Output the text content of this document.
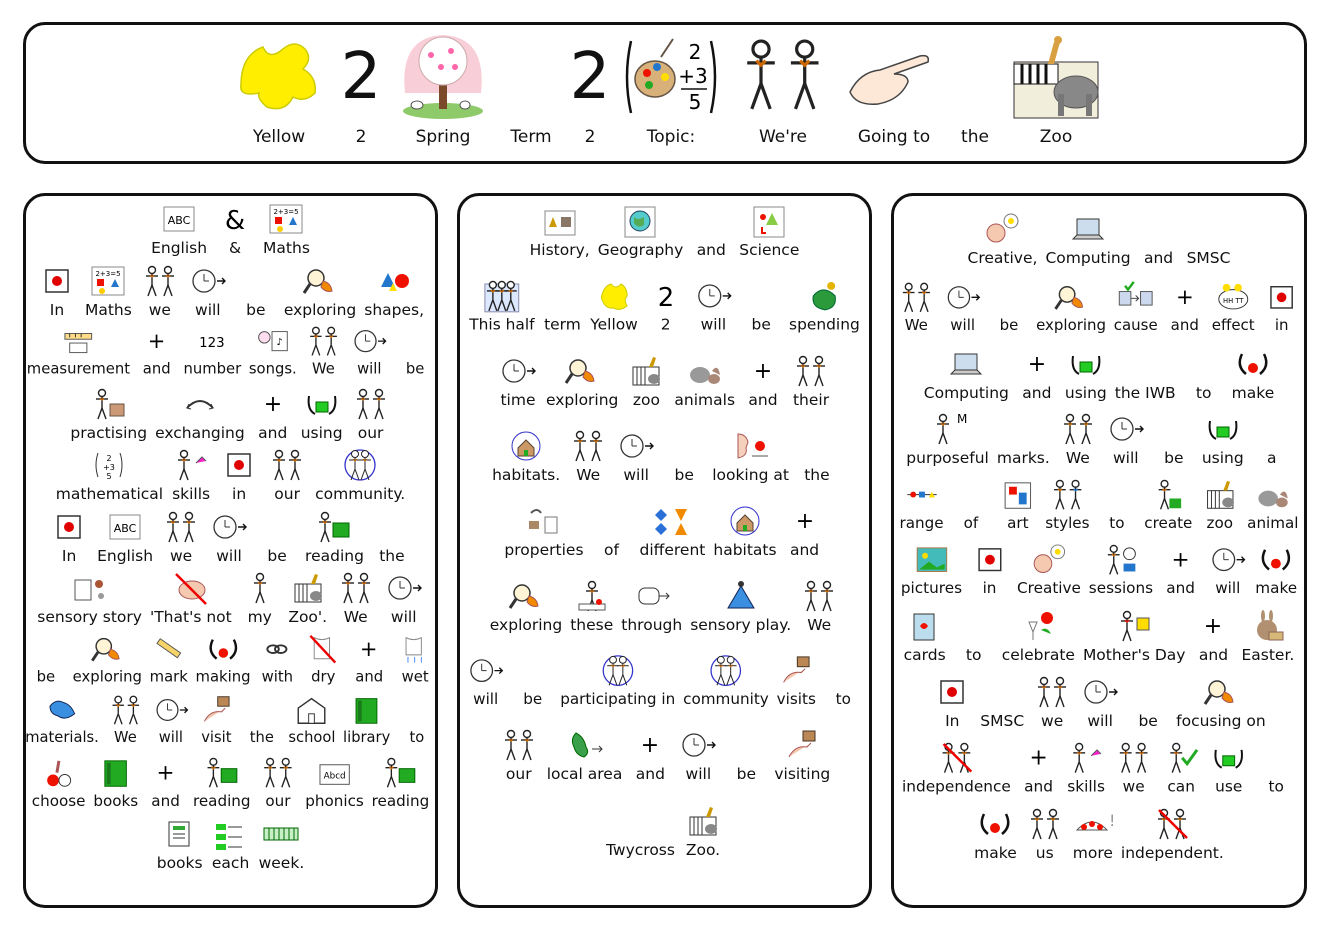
Yellow
2
2	Spring Term
2
2
2
+3
5
Topic:	We're	Going to the	Zoo
ABC
English
&
&
2+3=5
Maths
In
2+3=5
Maths we will be exploring shapes,
measurement
+
and
123
number
♪
songs. We will be
practising exchanging
+
and using our
2
+3
5
mathematical skills in our community.
In
ABC
English we will be reading the
sensory story 'That's not my Zoo'. We will
be exploring mark making with dry
+
and wet
materials. We will visit the school library to
choose books
+
and reading our
Abcd
phonics reading
books each week.
History, Geography and Science
This half term Yellow
2
2 will be spending
time exploring zoo animals
+
and their
habitats. We will be looking at the
properties of different habitats
+
and
exploring these through sensory play. We
will be participating in community visits to
our local area
+
and will be visiting
Twycross Zoo.
Creative, Computing and SMSC
We will be exploring cause
+
and
HH TT
effect in
Computing
+
and using the IWB to make
M
purposeful marks. We will be using a
range of art styles to create zoo animal
pictures in Creative sessions
+
and will make
cards to celebrate Mother's Day
+
and Easter.
In SMSC we will be focusing on
independence
+
and skills we can use to
make us
!
more independent.
